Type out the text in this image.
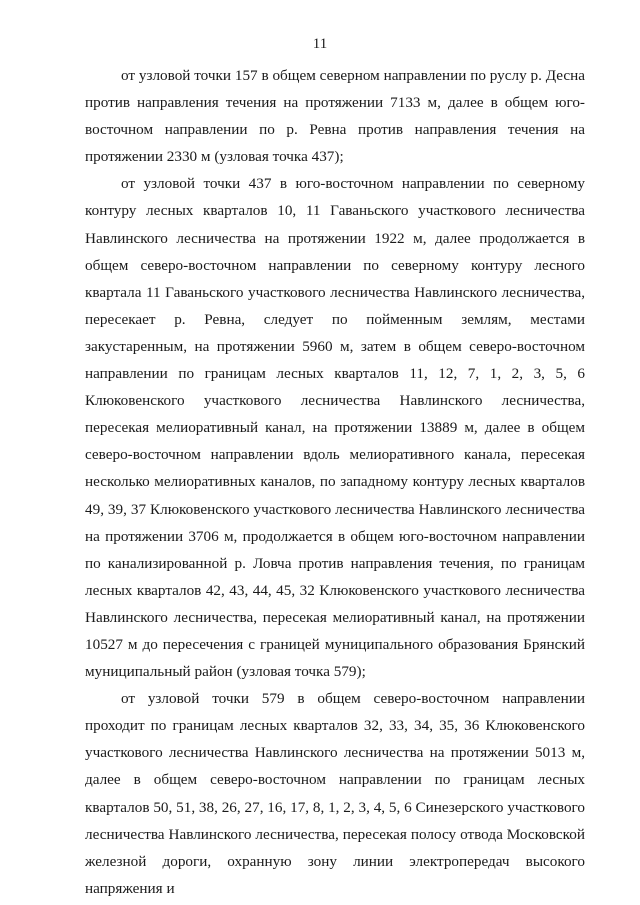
11

от узловой точки 157 в общем северном направлении по руслу р. Десна против направления течения на протяжении 7133 м, далее в общем юго-восточном направлении по р. Ревна против направления течения на протяжении 2330 м (узловая точка 437);

от узловой точки 437 в юго-восточном направлении по северному контуру лесных кварталов 10, 11 Гаваньского участкового лесничества Навлинского лесничества на протяжении 1922 м, далее продолжается в общем северо-восточном направлении по северному контуру лесного квартала 11 Гаваньского участкового лесничества Навлинского лесничества, пересекает р. Ревна, следует по пойменным землям, местами закустаренным, на протяжении 5960 м, затем в общем северо-восточном направлении по границам лесных кварталов 11, 12, 7, 1, 2, 3, 5, 6 Клюковенского участкового лесничества Навлинского лесничества, пересекая мелиоративный канал, на протяжении 13889 м, далее в общем северо-восточном направлении вдоль мелиоративного канала, пересекая несколько мелиоративных каналов, по западному контуру лесных кварталов 49, 39, 37 Клюковенского участкового лесничества Навлинского лесничества на протяжении 3706 м, продолжается в общем юго-восточном направлении по канализированной р. Ловча против направления течения, по границам лесных кварталов 42, 43, 44, 45, 32 Клюковенского участкового лесничества Навлинского лесничества, пересекая мелиоративный канал, на протяжении 10527 м до пересечения с границей муниципального образования Брянский муниципальный район (узловая точка 579);

от узловой точки 579 в общем северо-восточном направлении проходит по границам лесных кварталов 32, 33, 34, 35, 36 Клюковенского участкового лесничества Навлинского лесничества на протяжении 5013 м, далее в общем северо-восточном направлении по границам лесных кварталов 50, 51, 38, 26, 27, 16, 17, 8, 1, 2, 3, 4, 5, 6 Синезерского участкового лесничества Навлинского лесничества, пересекая полосу отвода Московской железной дороги, охранную зону линии электропередач высокого напряжения и
